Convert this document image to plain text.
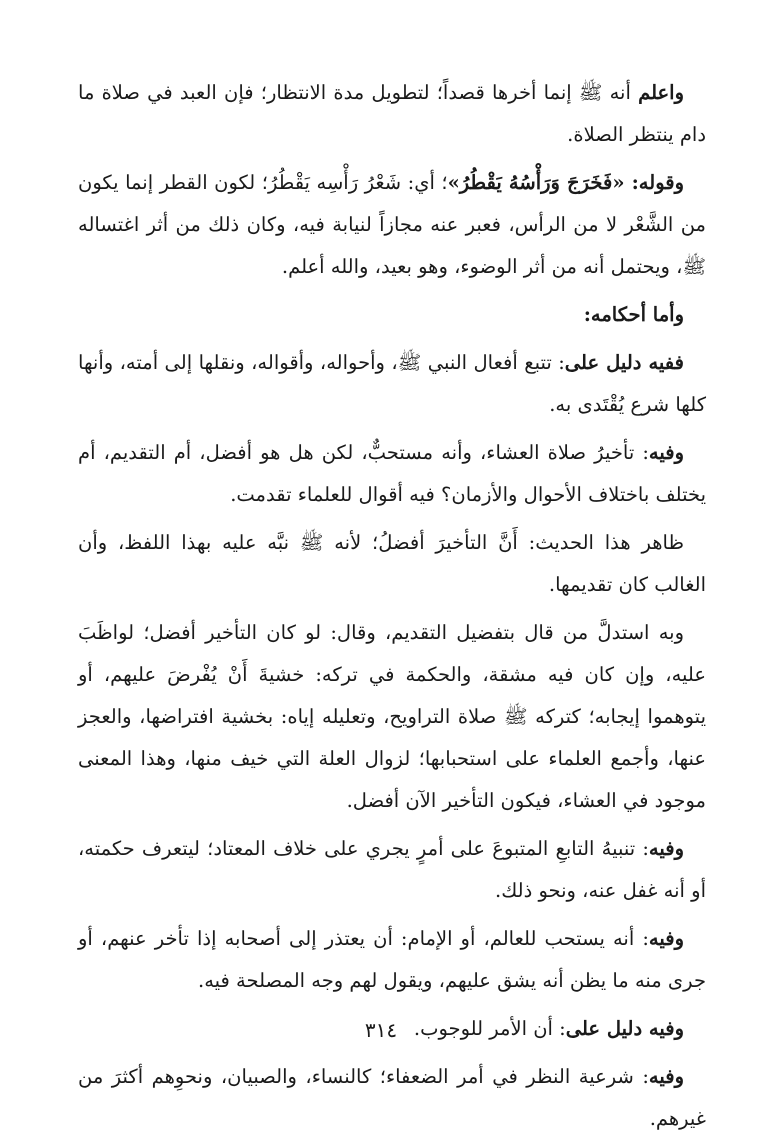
واعلم أنه ﷺ إنما أخرها قصداً؛ لتطويل مدة الانتظار؛ فإن العبد في صلاة ما دام ينتظر الصلاة.

وقوله: «فَخَرَجَ وَرَأْسُهُ يَقْطُرُ»؛ أي: شَعْرُ رَأْسِه يَقْطُرُ؛ لكون القطر إنما يكون من الشَّعْر لا من الرأس، فعبر عنه مجازاً لنيابة فيه، وكان ذلك من أثر اغتساله ﷺ، ويحتمل أنه من أثر الوضوء، وهو بعيد، والله أعلم.

وأما أحكامه:

ففيه دليل على: تتبع أفعال النبي ﷺ، وأحواله، وأقواله، ونقلها إلى أمته، وأنها كلها شرع يُقْتَدى به.

وفيه: تأخيرُ صلاة العشاء، وأنه مستحبٌّ، لكن هل هو أفضل، أم التقديم، أم يختلف باختلاف الأحوال والأزمان؟ فيه أقوال للعلماء تقدمت.

ظاهر هذا الحديث: أَنَّ التأخيرَ أفضلُ؛ لأنه ﷺ نبَّه عليه بهذا اللفظ، وأن الغالب كان تقديمها.

وبه استدلَّ من قال بتفضيل التقديم، وقال: لو كان التأخير أفضل؛ لواظَبَ عليه، وإن كان فيه مشقة، والحكمة في تركه: خشيةَ أَنْ يُفْرضَ عليهم، أو يتوهموا إيجابه؛ كتركه ﷺ صلاة التراويح، وتعليله إياه: بخشية افتراضها، والعجز عنها، وأجمع العلماء على استحبابها؛ لزوال العلة التي خيف منها، وهذا المعنى موجود في العشاء، فيكون التأخير الآن أفضل.

وفيه: تنبيهُ التابعِ المتبوعَ على أمرٍ يجري على خلاف المعتاد؛ ليتعرف حكمته، أو أنه غفل عنه، ونحو ذلك.

وفيه: أنه يستحب للعالم، أو الإمام: أن يعتذر إلى أصحابه إذا تأخر عنهم، أو جرى منه ما يظن أنه يشق عليهم، ويقول لهم وجه المصلحة فيه.

وفيه دليل على: أن الأمر للوجوب.

وفيه: شرعية النظر في أمر الضعفاء؛ كالنساء، والصبيان، ونحوِهم أكثرَ من غيرهم.

٣١٤
